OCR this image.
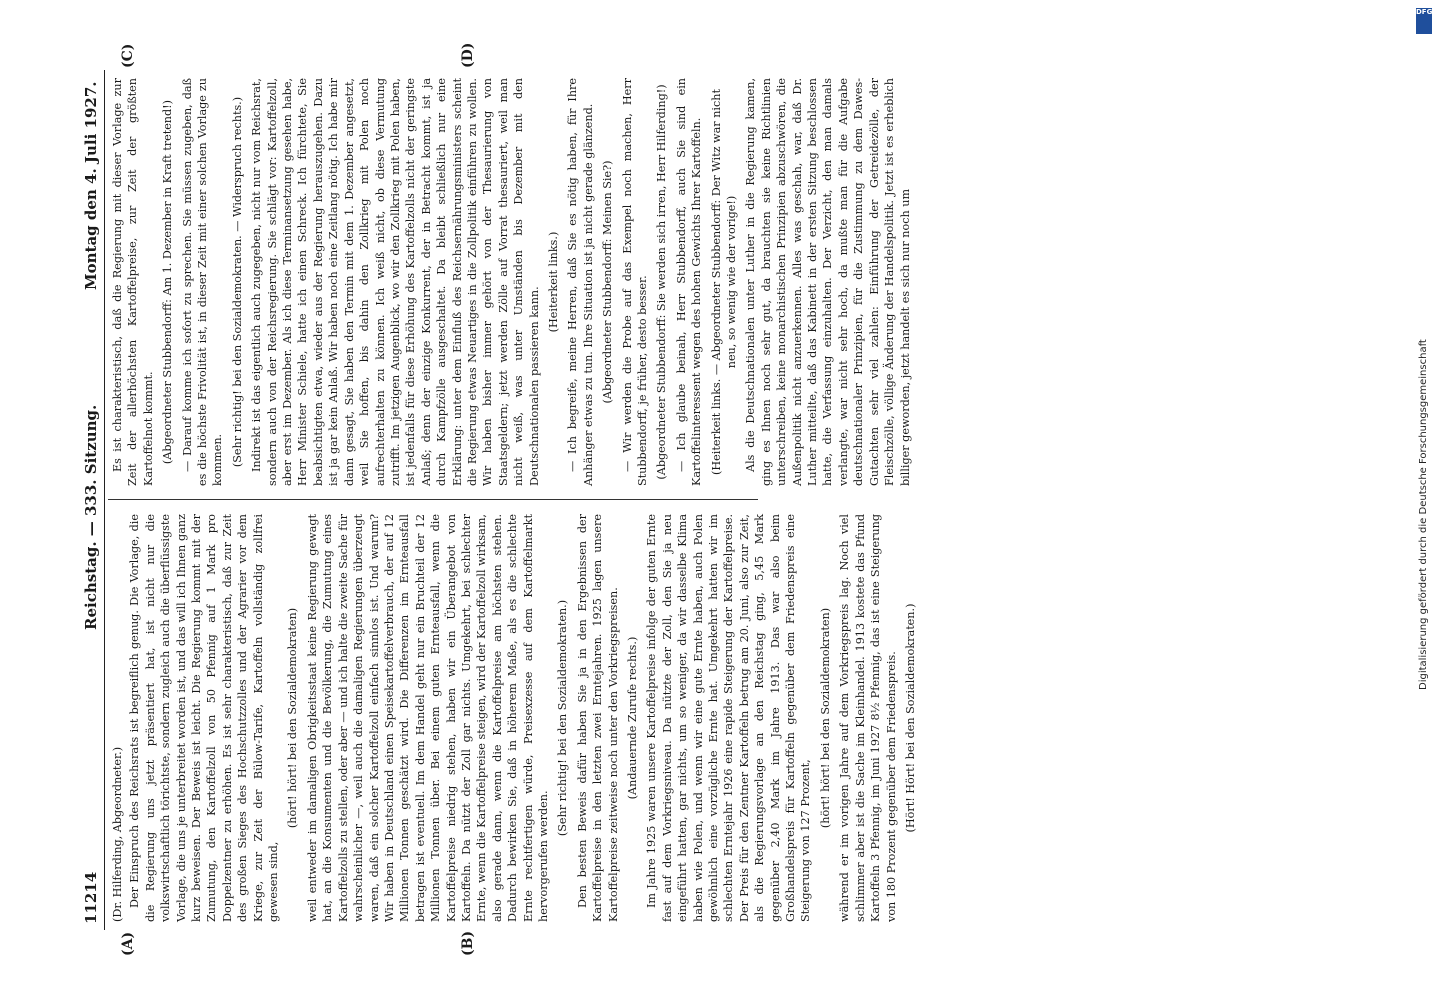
11214
Reichstag. — 333. Sitzung.
Montag den 4. Juli 1927.
(A)	(B)
(C)	(D)

(Dr. Hilferding, Abgeordneter.) Der Einspruch des Reichsrats ist begreiflich genug. Die Vorlage, die die Regierung uns jetzt präsentiert hat, ist nicht nur die volkswirtschaftlich törichtste, sondern zugleich auch die überflüssigste Vorlage, die uns je unterbreitet worden ist, und das will ich Ihnen ganz kurz beweisen. Der Beweis ist leicht. Die Regierung kommt mit der Zumutung, den Kartoffelzoll von 50 Pfennig auf 1 Mark pro Doppelzentner zu erhöhen. Es ist sehr charakteristisch, daß zur Zeit des großen Sieges des Hochschutzzolles und der Agrarier vor dem Kriege, zur Zeit der Bülow-Tarife, Kartoffeln vollständig zollfrei gewesen sind,

(hört! hört! bei den Sozialdemokraten) weil entweder im damaligen Obrigkeitsstaat keine Regierung gewagt hat, an die Konsumenten und die Bevölkerung, die Zumutung eines Kartoffelzolls zu stellen, oder aber — und ich halte die zweite Sache für wahrscheinlicher —, weil auch die damaligen Regierungen überzeugt waren, daß ein solcher Kartoffelzoll einfach sinnlos ist. Und warum? Wir haben in Deutschland einen Speisekartoffelverbrauch, der auf 12 Millionen Tonnen geschätzt wird. Die Differenzen im Ernteausfall betragen ist eventuell. Im dem Handel geht nur ein Bruchteil der 12 Millionen Tonnen über. Bei einem guten Ernteausfall, wenn die Kartoffelpreise niedrig stehen, haben wir ein Überangebot von Kartoffeln. Da nützt der Zoll gar nichts. Umgekehrt, bei schlechter Ernte, wenn die Kartoffelpreise steigen, wird der Kartoffelzoll wirksam, also gerade dann, wenn die Kartoffelpreise am höchsten stehen. Dadurch bewirken Sie, daß in höherem Maße, als es die schlechte Ernte rechtfertigen würde, Preisexzesse auf dem Kartoffelmarkt hervorgerufen werden.

(Sehr richtig! bei den Sozialdemokraten.) Den besten Beweis dafür haben Sie ja in den Ergebnissen der Kartoffelpreise in den letzten zwei Erntejahren. 1925 lagen unsere Kartoffelpreise zeitweise noch unter den Vorkriegspreisen. (Andauernde Zurufe rechts.) Im Jahre 1925 waren unsere Kartoffelpreise infolge der guten Ernte fast auf dem Vorkriegsniveau. Da nützte der Zoll, den Sie ja neu eingeführt hatten, gar nichts, um so weniger, da wir dasselbe Klima haben wie Polen, und wenn wir eine gute Ernte haben, auch Polen gewöhnlich eine vorzügliche Ernte hat. Umgekehrt hatten wir im schlechten Erntejahr 1926 eine rapide Steigerung der Kartoffelpreise. Der Preis für den Zentner Kartoffeln betrug am 20. Juni, also zur Zeit, als die Regierungsvorlage an den Reichstag ging, 5,45 Mark gegenüber 2,40 Mark im Jahre 1913. Das war also beim Großhandelspreis für Kartoffeln gegenüber dem Friedenspreis eine Steigerung von 127 Prozent,

(hört! hört! bei den Sozialdemokraten) während er im vorigen Jahre auf dem Vorkriegspreis lag. Noch viel schlimmer aber ist die Sache im Kleinhandel. 1913 kostete das Pfund Kartoffeln 3 Pfennig, im Juni 1927 8½ Pfennig, das ist eine Steigerung von 180 Prozent gegenüber dem Friedenspreis. (Hört! Hört! bei den Sozialdemokraten.)

Es ist charakteristisch, daß die Regierung mit dieser Vorlage zur Zeit der allerhöchsten Kartoffelpreise, zur Zeit der größten Kartoffelnot kommt. (Abgeordneter Stubbendorff: Am 1. Dezember in Kraft tretend!) — Darauf komme ich sofort zu sprechen. Sie müssen zugeben, daß es die höchste Frivolität ist, in dieser Zeit mit einer solchen Vorlage zu kommen. (Sehr richtig! bei den Sozialdemokraten. — Widerspruch rechts.) Indirekt ist das eigentlich auch zugegeben, nicht nur vom Reichsrat, sondern auch von der Reichsregierung. Sie schlägt vor: Kartoffelzoll, aber erst im Dezember. Als ich diese Terminansetzung gesehen habe, Herr Minister Schiele, hatte ich einen Schreck. Ich fürchtete, Sie beabsichtigten etwa, wieder aus der Regierung herauszugehen. Dazu ist ja gar kein Anlaß. Wir haben noch eine Zeitlang nötig. Ich habe mir dann gesagt, Sie haben den Termin mit dem 1. Dezember angesetzt, weil Sie hoffen, bis dahin den Zollkrieg mit Polen noch aufrechterhalten zu können. Ich weiß nicht, ob diese Vermutung zutrifft. Im jetzigen Augenblick, wo wir den Zollkrieg mit Polen haben, ist jedenfalls für diese Erhöhung des Kartoffelzolls nicht der geringste Anlaß; denn der einzige Konkurrent, der in Betracht kommt, ist ja durch Kampfzölle ausgeschaltet. Da bleibt schließlich nur eine Erklärung: unter dem Einfluß des Reichsernährungsministers scheint die Regierung etwas Neuartiges in die Zollpolitik einführen zu wollen. Wir haben bisher immer gehört von der Thesaurierung von Staatsgeldern; jetzt werden Zölle auf Vorrat thesauriert, weil man nicht weiß, was unter Umständen bis Dezember mit den Deutschnationalen passieren kann.

(Heiterkeit links.) — Ich begreife, meine Herren, daß Sie es nötig haben, für Ihre Anhänger etwas zu tun. Ihre Situation ist ja nicht gerade glänzend. (Abgeordneter Stubbendorff: Meinen Sie?) — Wir werden die Probe auf das Exempel noch machen, Herr Stubbendorff, je früher, desto besser. (Abgeordneter Stubbendorff: Sie werden sich irren, Herr Hilferding!) — Ich glaube beinah, Herr Stubbendorff, auch Sie sind ein Kartoffelinteressent wegen des hohen Gewichts Ihrer Kartoffeln. (Heiterkeit links. — Abgeordneter Stubbendorff: Der Witz war nicht neu, so wenig wie der vorige!) Als die Deutschnationalen unter Luther in die Regierung kamen, ging es Ihnen noch sehr gut, da brauchten sie keine Richtlinien unterschreiben, keine monarchistischen Prinzipien abzuschwören, die Außenpolitik nicht anzuerkennen. Alles was geschah, war, daß Dr. Luther mitteilte, daß das Kabinett in der ersten Sitzung beschlossen hatte, die Verfassung einzuhalten. Der Verzicht, den man damals verlangte, war nicht sehr hoch, da mußte man für die Aufgabe deutschnationaler Prinzipien, für die Zustimmung zu dem Dawes-Gutachten sehr viel zahlen: Einführung der Getreidezölle, der Fleischzölle, völlige Änderung der Handelspolitik. Jetzt ist es erheblich billiger geworden, jetzt handelt es sich nur noch um

DFG
Digitalisierung gefördert durch die Deutsche Forschungsgemeinschaft
